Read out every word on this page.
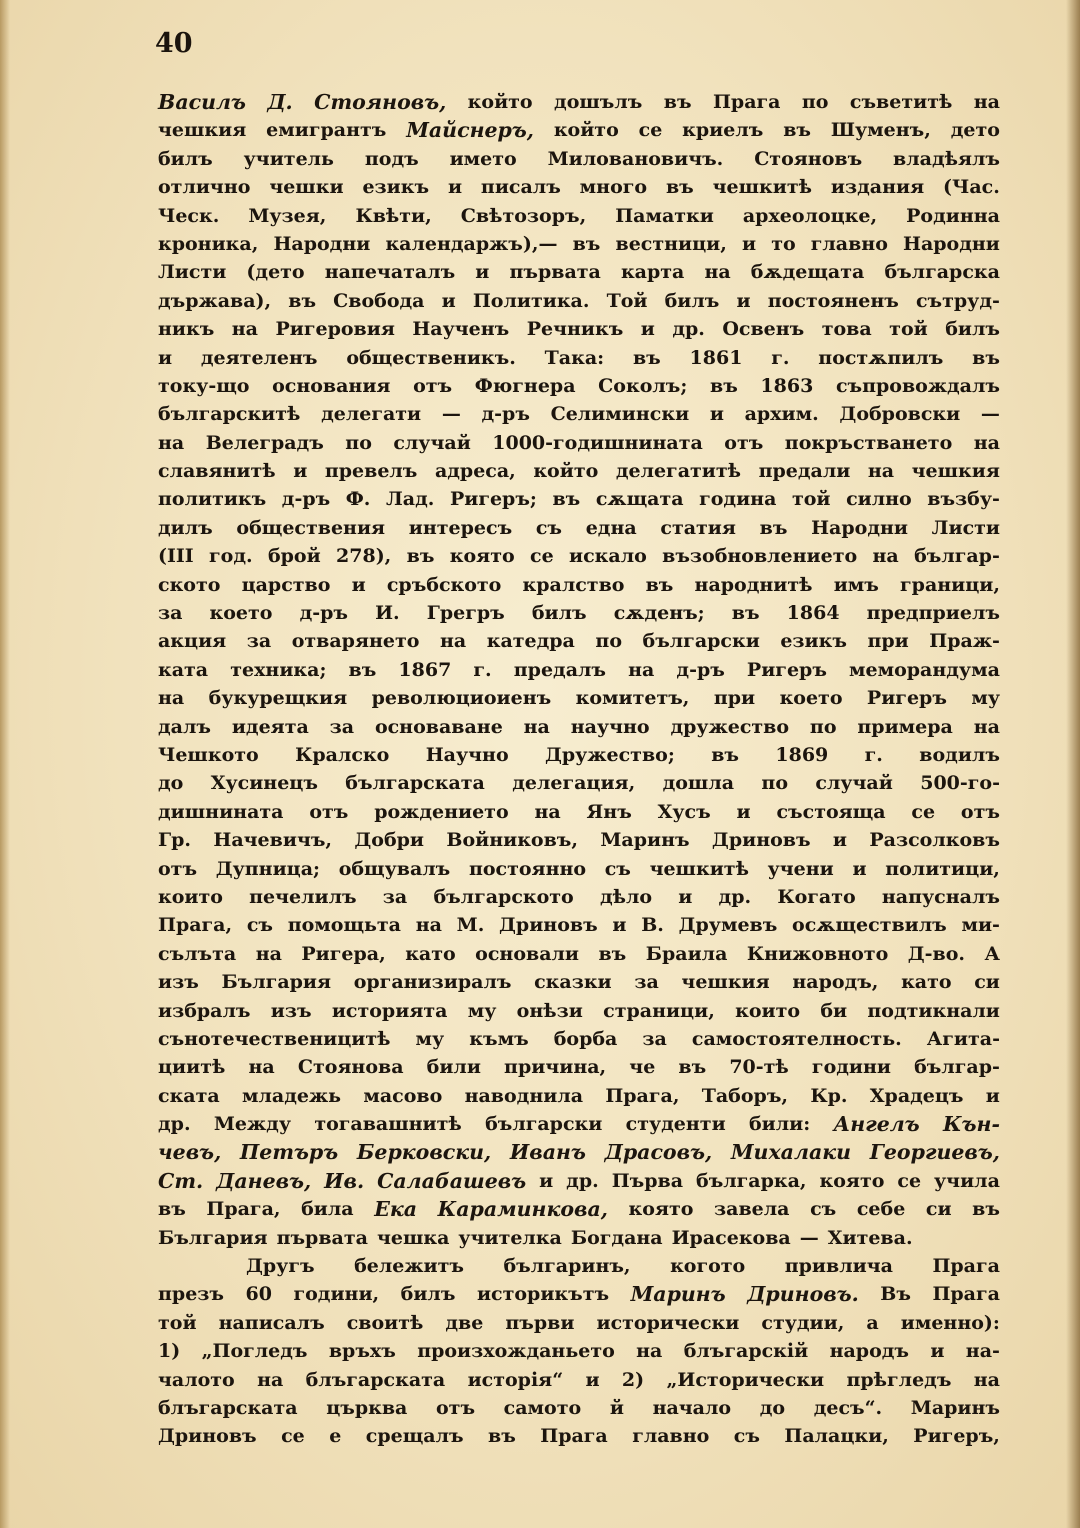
40
Василъ Д. Стояновъ, който дошълъ въ Прага по съветитѣ на
чешкия емигрантъ Майснеръ, който се криелъ въ Шуменъ, дето
билъ учитель подъ името Миловановичъ. Стояновъ владѣялъ
отлично чешки езикъ и писалъ много въ чешкитѣ издания (Час.
Ческ. Музея, Квѣти, Свѣтозоръ, Паматки археолоцке, Родинна
кроника, Народни календаржъ),— въ вестници, и то главно Народни
Листи (дето напечаталъ и първата карта на бѫдещата българска
държава), въ Свобода и Политика. Той билъ и постояненъ сътруд-
никъ на Ригеровия Наученъ Речникъ и др. Освенъ това той билъ
и деятеленъ общественикъ. Така: въ 1861 г. постѫпилъ въ
току-що основания отъ Фюгнера Соколъ; въ 1863 съпровождалъ
българскитѣ делегати — д-ръ Селимински и архим. Добровски —
на Велеградъ по случай 1000-годишнината отъ покръстването на
славянитѣ и превелъ адреса, който делегатитѣ предали на чешкия
политикъ д-ръ Ф. Лад. Ригеръ; въ сѫщата година той силно възбу-
дилъ обществения интересъ съ една статия въ Народни Листи
(III год. брой 278), въ която се искало възобновлението на българ-
ското царство и сръбското кралство въ народнитѣ имъ граници,
за което д-ръ И. Грегръ билъ сѫденъ; въ 1864 предприелъ
акция за отварянето на катедра по български езикъ при Праж-
ката техника; въ 1867 г. предалъ на д-ръ Ригеръ меморандума
на букурещкия революциоиенъ комитетъ, при което Ригеръ му
далъ идеята за основаване на научно дружество по примера на
Чешкото Кралско Научно Дружество; въ 1869 г. водилъ
до Хусинецъ българската делегация, дошла по случай 500-го-
дишнината отъ рождението на Янъ Хусъ и състояща се отъ
Гр. Начевичъ, Добри Войниковъ, Маринъ Дриновъ и Разсолковъ
отъ Дупница; общувалъ постоянно съ чешкитѣ учени и политици,
които печелилъ за българското дѣло и др. Когато напусналъ
Прага, съ помощьта на М. Дриновъ и В. Друмевъ осѫществилъ ми-
сълъта на Ригера, като основали въ Браила Книжовното Д-во. А
изъ България организиралъ сказки за чешкия народъ, като си
избралъ изъ историята му онѣзи страници, които би подтикнали
сънотечественицитѣ му къмъ борба за самостоятелность. Агита-
циитѣ на Стоянова били причина, че въ 70-тѣ години българ-
ската младежь масово наводнила Прага, Таборъ, Кр. Храдецъ и
др. Между тогавашнитѣ български студенти били: Ангелъ Кън-
чевъ, Петъръ Берковски, Иванъ Драсовъ, Михалаки Георгиевъ,
Ст. Даневъ, Ив. Салабашевъ и др. Първа българка, която се учила
въ Прага, била Ека Караминкова, която завела съ себе си въ
България първата чешка учителка Богдана Ирасекова — Хитева.
Другъ бележитъ българинъ, когото привлича Прага
презъ 60 години, билъ историкътъ Маринъ Дриновъ. Въ Прага
той написалъ своитѣ две първи исторически студии, а именно):
1) „Погледъ връхъ произхожданьето на блъгарскій народъ и на-
чалото на блъгарската исторія“ и 2) „Исторически прѣгледъ на
блъгарската църква отъ самото й начало до десъ“. Маринъ
Дриновъ се е срещалъ въ Прага главно съ Палацки, Ригеръ,
